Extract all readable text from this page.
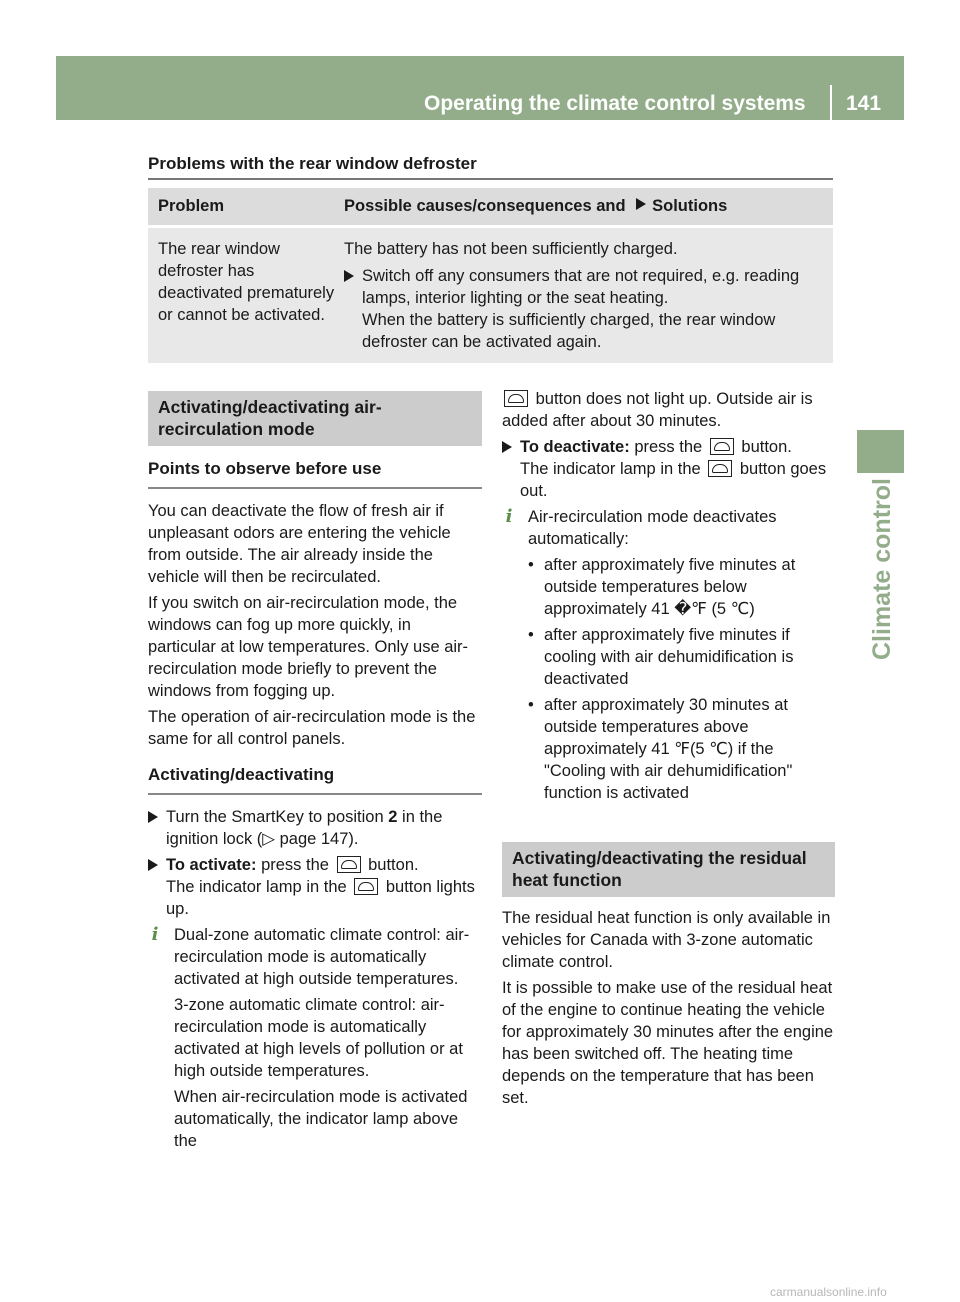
Operating the climate control systems 141
Climate control
Problems with the rear window defroster
Problem	Possible causes/consequences and Solutions
The rear window defroster has deactivated prematurely or cannot be activated.

The battery has not been sufficiently charged.

Switch off any consumers that are not required, e.g. reading lamps, interior lighting or the seat heating.

When the battery is sufficiently charged, the rear window defroster can be activated again.

Activating/deactivating air-recirculation mode
Points to observe before use

You can deactivate the flow of fresh air if unpleasant odors are entering the vehicle from outside. The air already inside the vehicle will then be recirculated.

If you switch on air-recirculation mode, the windows can fog up more quickly, in particular at low temperatures. Only use air-recirculation mode briefly to prevent the windows from fogging up.

The operation of air-recirculation mode is the same for all control panels.

Activating/deactivating
Turn the SmartKey to position 2 in the ignition lock (▷ page 147).
To activate: press the button.
The indicator lamp in the button lights up.
i Dual-zone automatic climate control: air-recirculation mode is automatically activated at high outside temperatures.

3-zone automatic climate control: air-recirculation mode is automatically activated at high levels of pollution or at high outside temperatures.

When air-recirculation mode is activated automatically, the indicator lamp above the

button does not light up. Outside air is added after about 30 minutes.

To deactivate: press the button.
The indicator lamp in the button goes out.
i Air-recirculation mode deactivates automatically:

• after approximately five minutes at outside temperatures below approximately 41 �℉ (5 ℃)
• after approximately five minutes if cooling with air dehumidification is deactivated
• after approximately 30 minutes at outside temperatures above approximately 41 ℉(5 ℃) if the "Cooling with air dehumidification" function is activated
Activating/deactivating the residual heat function

The residual heat function is only available in vehicles for Canada with 3-zone automatic climate control.

It is possible to make use of the residual heat of the engine to continue heating the vehicle for approximately 30 minutes after the engine has been switched off. The heating time depends on the temperature that has been set.

carmanualsonline.info
